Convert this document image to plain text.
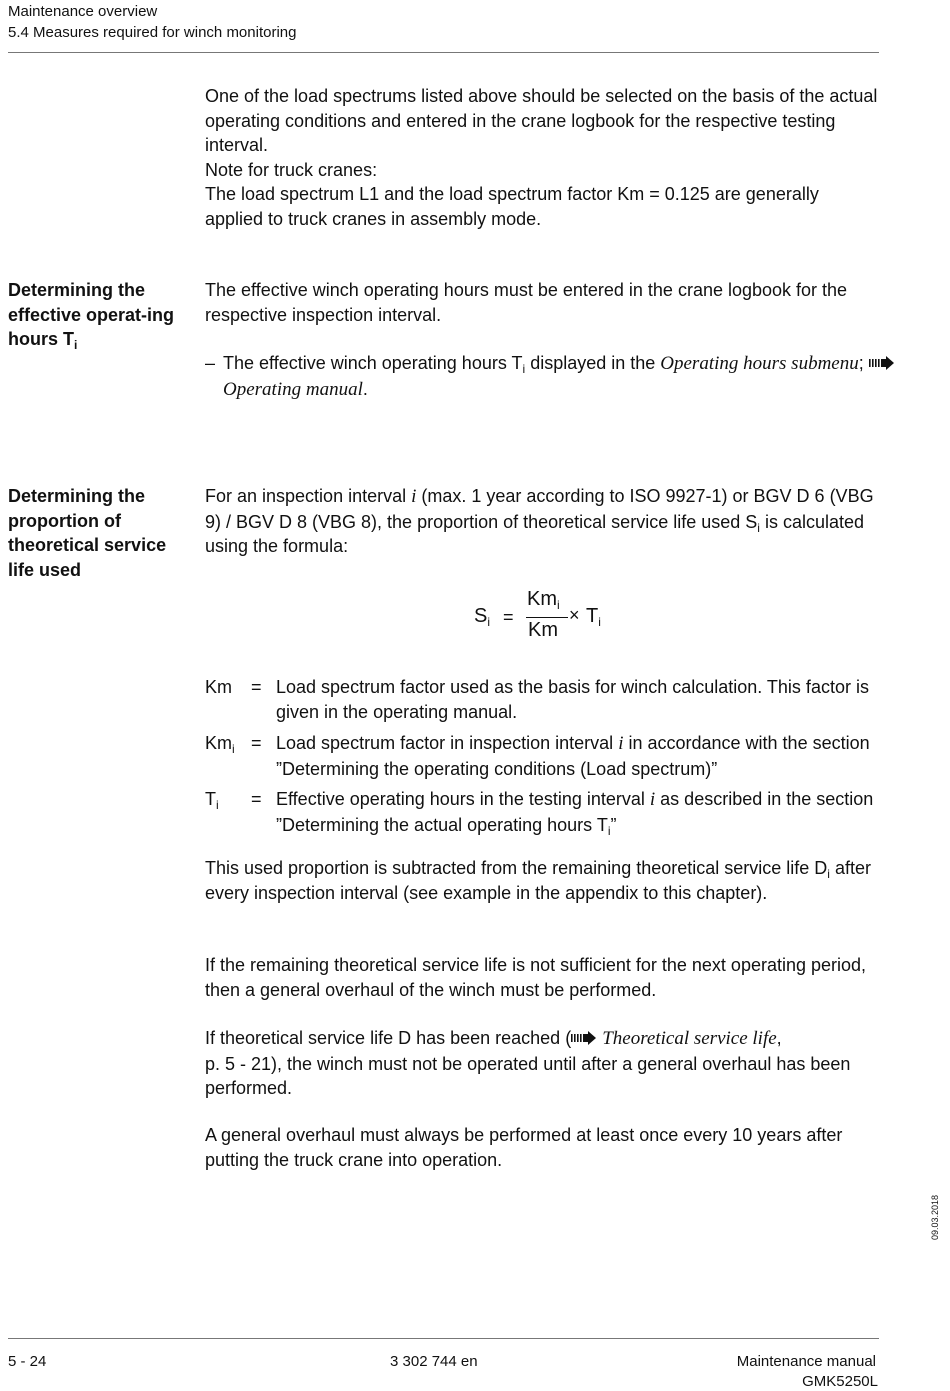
Maintenance overview
5.4 Measures required for winch monitoring

One of the load spectrums listed above should be selected on the basis of the actual operating conditions and entered in the crane logbook for the respective testing interval.

Note for truck cranes:

The load spectrum L1 and the load spectrum factor Km = 0.125 are generally applied to truck cranes in assembly mode.

Determining the effective operat-ing hours $T_i$

The effective winch operating hours must be entered in the crane logbook for the respective inspection interval.

– The effective winch operating hours $T_i$ displayed in the Operating hours submenu;  Operating manual.
Determining the proportion of theoretical service life used

For an inspection interval i (max. 1 year according to ISO 9927-1) or BGV D 6 (VBG 9) / BGV D 8 (VBG 8), the proportion of theoretical service life used $S_i$ is calculated using the formula:

$S_i$ =
$Km_i$
Km
× $T_i$
Km = Load spectrum factor used as the basis for winch calculation. This factor is given in the operating manual.
$Km_i$ = Load spectrum factor in inspection interval i in accordance with the section ”Determining the operating conditions (Load spectrum)”
$T_i$ = Effective operating hours in the testing interval i as described in the section ”Determining the actual operating hours $T_i$”

This used proportion is subtracted from the remaining theoretical service life $D_i$ after every inspection interval (see example in the appendix to this chapter).

If the remaining theoretical service life is not sufficient for the next operating period, then a general overhaul of the winch must be performed.

If theoretical service life D has been reached ( Theoretical service life,
p. 5 - 21), the winch must not be operated until after a general overhaul has been performed.

A general overhaul must always be performed at least once every 10 years after putting the truck crane into operation.
09.03.2018
5 - 24	3 302 744 en	Maintenance manual
GMK5250L
